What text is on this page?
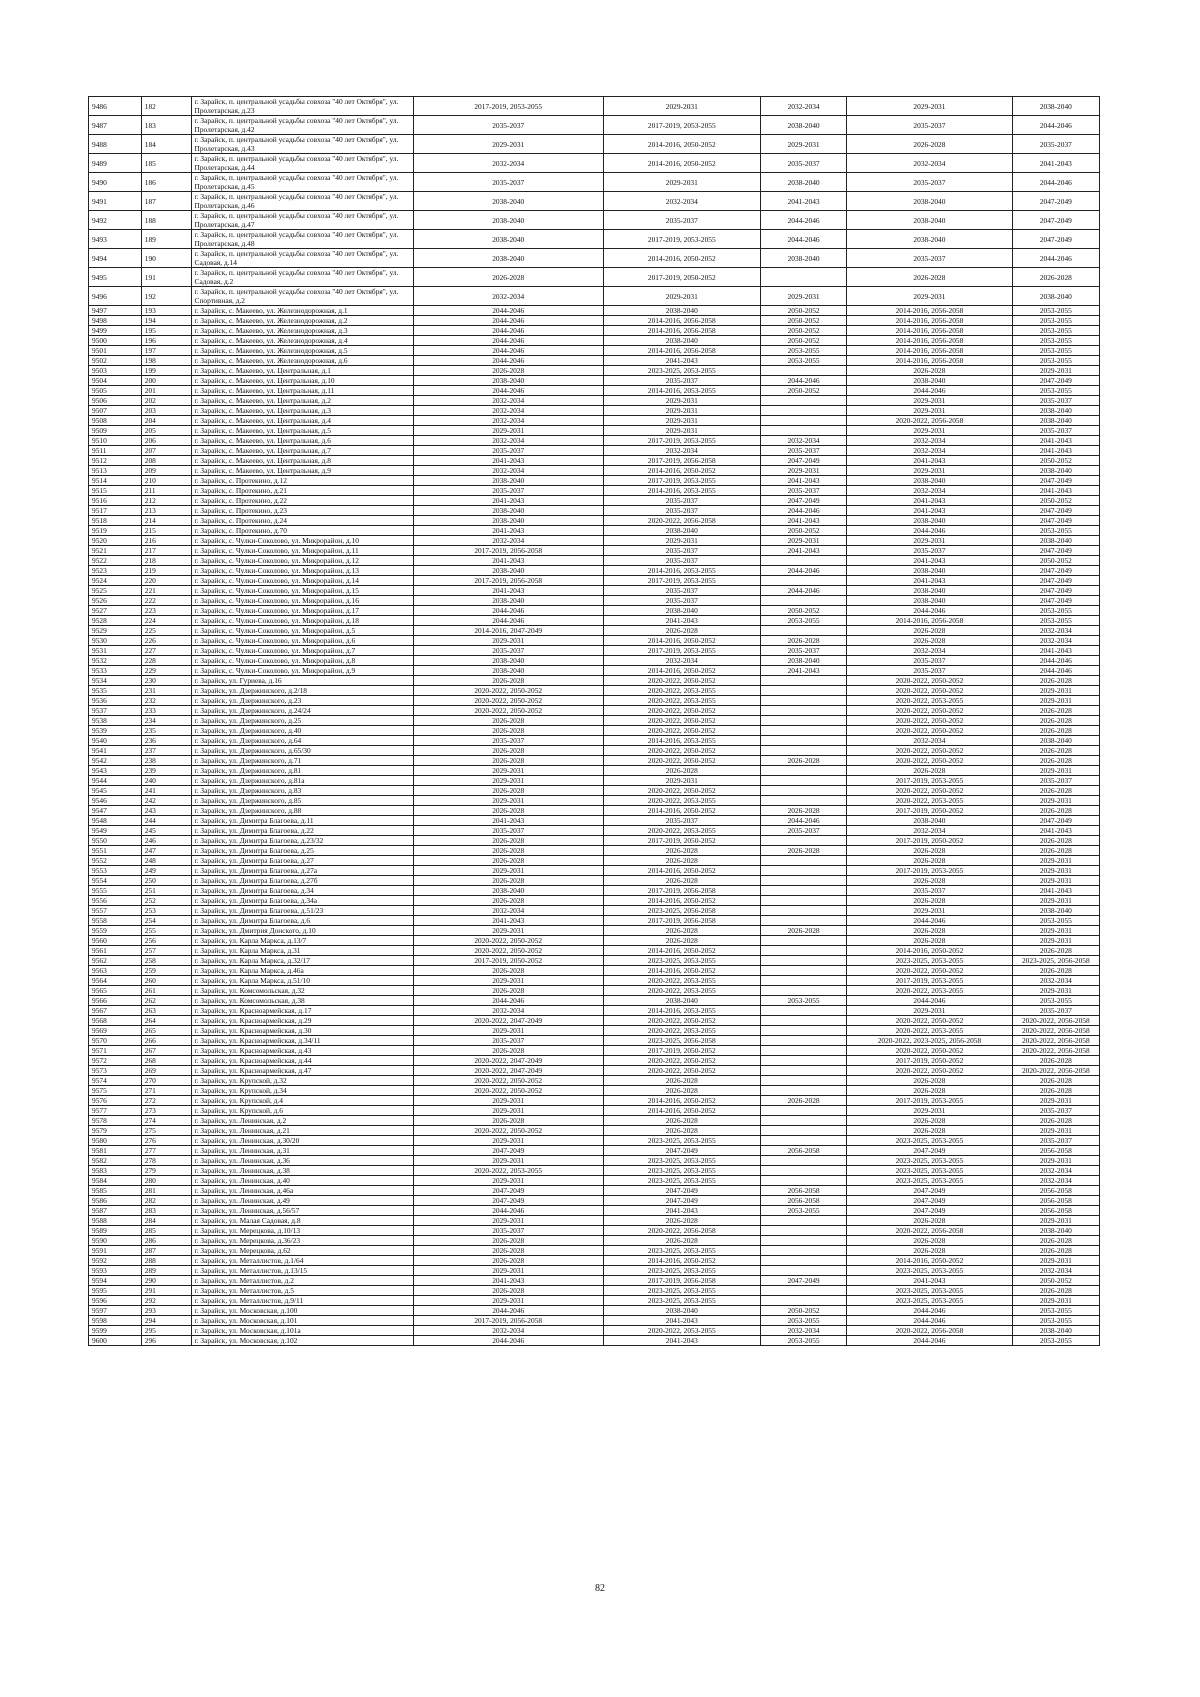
9486	182	г. Зарайск, п. центральной усадьбы совхоза "40 лет Октября", ул. Пролетарская, д.23	2017-2019, 2053-2055	2029-2031	2032-2034	2029-2031	2038-2040
9487	183	г. Зарайск, п. центральной усадьбы совхоза "40 лет Октября", ул. Пролетарская, д.42	2035-2037	2017-2019, 2053-2055	2038-2040	2035-2037	2044-2046
9488	184	г. Зарайск, п. центральной усадьбы совхоза "40 лет Октября", ул. Пролетарская, д.43	2029-2031	2014-2016, 2050-2052	2029-2031	2026-2028	2035-2037
9489	185	г. Зарайск, п. центральной усадьбы совхоза "40 лет Октября", ул. Пролетарская, д.44	2032-2034	2014-2016, 2050-2052	2035-2037	2032-2034	2041-2043
9490	186	г. Зарайск, п. центральной усадьбы совхоза "40 лет Октября", ул. Пролетарская, д.45	2035-2037	2029-2031	2038-2040	2035-2037	2044-2046
9491	187	г. Зарайск, п. центральной усадьбы совхоза "40 лет Октября", ул. Пролетарская, д.46	2038-2040	2032-2034	2041-2043	2038-2040	2047-2049
9492	188	г. Зарайск, п. центральной усадьбы совхоза "40 лет Октября", ул. Пролетарская, д.47	2038-2040	2035-2037	2044-2046	2038-2040	2047-2049
9493	189	г. Зарайск, п. центральной усадьбы совхоза "40 лет Октября", ул. Пролетарская, д.48	2038-2040	2017-2019, 2053-2055	2044-2046	2038-2040	2047-2049
9494	190	г. Зарайск, п. центральной усадьбы совхоза "40 лет Октября", ул. Садовая, д.14	2038-2040	2014-2016, 2050-2052	2038-2040	2035-2037	2044-2046
9495	191	г. Зарайск, п. центральной усадьбы совхоза "40 лет Октября", ул. Садовая, д.2	2026-2028	2017-2019, 2050-2052		2026-2028	2026-2028
9496	192	г. Зарайск, п. центральной усадьбы совхоза "40 лет Октября", ул. Спортивная, д.2	2032-2034	2029-2031	2029-2031	2029-2031	2038-2040
9497	193	г. Зарайск, с. Макеево, ул. Железнодорожная, д.1	2044-2046	2038-2040	2050-2052	2014-2016, 2056-2058	2053-2055
9498	194	г. Зарайск, с. Макеево, ул. Железнодорожная, д.2	2044-2046	2014-2016, 2056-2058	2050-2052	2014-2016, 2056-2058	2053-2055
9499	195	г. Зарайск, с. Макеево, ул. Железнодорожная, д.3	2044-2046	2014-2016, 2056-2058	2050-2052	2014-2016, 2056-2058	2053-2055
9500	196	г. Зарайск, с. Макеево, ул. Железнодорожная, д.4	2044-2046	2038-2040	2050-2052	2014-2016, 2056-2058	2053-2055
9501	197	г. Зарайск, с. Макеево, ул. Железнодорожная, д.5	2044-2046	2014-2016, 2056-2058	2053-2055	2014-2016, 2056-2058	2053-2055
9502	198	г. Зарайск, с. Макеево, ул. Железнодорожная, д.6	2044-2046	2041-2043	2053-2055	2014-2016, 2056-2058	2053-2055
9503	199	г. Зарайск, с. Макеево, ул. Центральная, д.1	2026-2028	2023-2025, 2053-2055		2026-2028	2029-2031
9504	200	г. Зарайск, с. Макеево, ул. Центральная, д.10	2038-2040	2035-2037	2044-2046	2038-2040	2047-2049
9505	201	г. Зарайск, с. Макеево, ул. Центральная, д.11	2044-2046	2014-2016, 2053-2055	2050-2052	2044-2046	2053-2055
9506	202	г. Зарайск, с. Макеево, ул. Центральная, д.2	2032-2034	2029-2031		2029-2031	2035-2037
9507	203	г. Зарайск, с. Макеево, ул. Центральная, д.3	2032-2034	2029-2031		2029-2031	2038-2040
9508	204	г. Зарайск, с. Макеево, ул. Центральная, д.4	2032-2034	2029-2031		2020-2022, 2056-2058	2038-2040
9509	205	г. Зарайск, с. Макеево, ул. Центральная, д.5	2029-2031	2029-2031		2029-2031	2035-2037
9510	206	г. Зарайск, с. Макеево, ул. Центральная, д.6	2032-2034	2017-2019, 2053-2055	2032-2034	2032-2034	2041-2043
9511	207	г. Зарайск, с. Макеево, ул. Центральная, д.7	2035-2037	2032-2034	2035-2037	2032-2034	2041-2043
9512	208	г. Зарайск, с. Макеево, ул. Центральная, д.8	2041-2043	2017-2019, 2056-2058	2047-2049	2041-2043	2050-2052
9513	209	г. Зарайск, с. Макеево, ул. Центральная, д.9	2032-2034	2014-2016, 2050-2052	2029-2031	2029-2031	2038-2040
9514	210	г. Зарайск, с. Протекино, д.12	2038-2040	2017-2019, 2053-2055	2041-2043	2038-2040	2047-2049
9515	211	г. Зарайск, с. Протекино, д.21	2035-2037	2014-2016, 2053-2055	2035-2037	2032-2034	2041-2043
9516	212	г. Зарайск, с. Протекино, д.22	2041-2043	2035-2037	2047-2049	2041-2043	2050-2052
9517	213	г. Зарайск, с. Протекино, д.23	2038-2040	2035-2037	2044-2046	2041-2043	2047-2049
9518	214	г. Зарайск, с. Протекино, д.24	2038-2040	2020-2022, 2056-2058	2041-2043	2038-2040	2047-2049
9519	215	г. Зарайск, с. Протекино, д.70	2041-2043	2038-2040	2050-2052	2044-2046	2053-2055
9520	216	г. Зарайск, с. Чулки-Соколово, ул. Микрорайон, д.10	2032-2034	2029-2031	2029-2031	2029-2031	2038-2040
9521	217	г. Зарайск, с. Чулки-Соколово, ул. Микрорайон, д.11	2017-2019, 2056-2058	2035-2037	2041-2043	2035-2037	2047-2049
9522	218	г. Зарайск, с. Чулки-Соколово, ул. Микрорайон, д.12	2041-2043	2035-2037		2041-2043	2050-2052
9523	219	г. Зарайск, с. Чулки-Соколово, ул. Микрорайон, д.13	2038-2040	2014-2016, 2053-2055	2044-2046	2038-2040	2047-2049
9524	220	г. Зарайск, с. Чулки-Соколово, ул. Микрорайон, д.14	2017-2019, 2056-2058	2017-2019, 2053-2055		2041-2043	2047-2049
9525	221	г. Зарайск, с. Чулки-Соколово, ул. Микрорайон, д.15	2041-2043	2035-2037	2044-2046	2038-2040	2047-2049
9526	222	г. Зарайск, с. Чулки-Соколово, ул. Микрорайон, д.16	2038-2040	2035-2037		2038-2040	2047-2049
9527	223	г. Зарайск, с. Чулки-Соколово, ул. Микрорайон, д.17	2044-2046	2038-2040	2050-2052	2044-2046	2053-2055
9528	224	г. Зарайск, с. Чулки-Соколово, ул. Микрорайон, д.18	2044-2046	2041-2043	2053-2055	2014-2016, 2056-2058	2053-2055
9529	225	г. Зарайск, с. Чулки-Соколово, ул. Микрорайон, д.5	2014-2016, 2047-2049	2026-2028		2026-2028	2032-2034
9530	226	г. Зарайск, с. Чулки-Соколово, ул. Микрорайон, д.6	2029-2031	2014-2016, 2050-2052	2026-2028	2026-2028	2032-2034
9531	227	г. Зарайск, с. Чулки-Соколово, ул. Микрорайон, д.7	2035-2037	2017-2019, 2053-2055	2035-2037	2032-2034	2041-2043
9532	228	г. Зарайск, с. Чулки-Соколово, ул. Микрорайон, д.8	2038-2040	2032-2034	2038-2040	2035-2037	2044-2046
9533	229	г. Зарайск, с. Чулки-Соколово, ул. Микрорайон, д.9	2038-2040	2014-2016, 2050-2052	2041-2043	2035-2037	2044-2046
9534	230	г. Зарайск, ул. Гуриева, д.16	2026-2028	2020-2022, 2050-2052		2020-2022, 2050-2052	2026-2028
9535	231	г. Зарайск, ул. Дзержинского, д.2/18	2020-2022, 2050-2052	2020-2022, 2053-2055		2020-2022, 2050-2052	2029-2031
9536	232	г. Зарайск, ул. Дзержинского, д.23	2020-2022, 2050-2052	2020-2022, 2053-2055		2020-2022, 2053-2055	2029-2031
9537	233	г. Зарайск, ул. Дзержинского, д.24/24	2020-2022, 2050-2052	2020-2022, 2050-2052		2020-2022, 2050-2052	2026-2028
9538	234	г. Зарайск, ул. Дзержинского, д.25	2026-2028	2020-2022, 2050-2052		2020-2022, 2050-2052	2026-2028
9539	235	г. Зарайск, ул. Дзержинского, д.40	2026-2028	2020-2022, 2050-2052		2020-2022, 2050-2052	2026-2028
9540	236	г. Зарайск, ул. Дзержинского, д.64	2035-2037	2014-2016, 2053-2055		2032-2034	2038-2040
9541	237	г. Зарайск, ул. Дзержинского, д.65/30	2026-2028	2020-2022, 2050-2052		2020-2022, 2050-2052	2026-2028
9542	238	г. Зарайск, ул. Дзержинского, д.71	2026-2028	2020-2022, 2050-2052	2026-2028	2020-2022, 2050-2052	2026-2028
9543	239	г. Зарайск, ул. Дзержинского, д.81	2029-2031	2026-2028		2026-2028	2029-2031
9544	240	г. Зарайск, ул. Дзержинского, д.81а	2029-2031	2029-2031		2017-2019, 2053-2055	2035-2037
9545	241	г. Зарайск, ул. Дзержинского, д.83	2026-2028	2020-2022, 2050-2052		2020-2022, 2050-2052	2026-2028
9546	242	г. Зарайск, ул. Дзержинского, д.85	2029-2031	2020-2022, 2053-2055		2020-2022, 2053-2055	2029-2031
9547	243	г. Зарайск, ул. Дзержинского, д.88	2026-2028	2014-2016, 2050-2052	2026-2028	2017-2019, 2050-2052	2026-2028
9548	244	г. Зарайск, ул. Димитра Благоева, д.11	2041-2043	2035-2037	2044-2046	2038-2040	2047-2049
9549	245	г. Зарайск, ул. Димитра Благоева, д.22	2035-2037	2020-2022, 2053-2055	2035-2037	2032-2034	2041-2043
9550	246	г. Зарайск, ул. Димитра Благоева, д.23/32	2026-2028	2017-2019, 2050-2052		2017-2019, 2050-2052	2026-2028
9551	247	г. Зарайск, ул. Димитра Благоева, д.25	2026-2028	2026-2028	2026-2028	2026-2028	2026-2028
9552	248	г. Зарайск, ул. Димитра Благоева, д.27	2026-2028	2026-2028		2026-2028	2029-2031
9553	249	г. Зарайск, ул. Димитра Благоева, д.27а	2029-2031	2014-2016, 2050-2052		2017-2019, 2053-2055	2029-2031
9554	250	г. Зарайск, ул. Димитра Благоева, д.27б	2026-2028	2026-2028		2026-2028	2029-2031
9555	251	г. Зарайск, ул. Димитра Благоева, д.34	2038-2040	2017-2019, 2056-2058		2035-2037	2041-2043
9556	252	г. Зарайск, ул. Димитра Благоева, д.34а	2026-2028	2014-2016, 2050-2052		2026-2028	2029-2031
9557	253	г. Зарайск, ул. Димитра Благоева, д.51/23	2032-2034	2023-2025, 2056-2058		2029-2031	2038-2040
9558	254	г. Зарайск, ул. Димитра Благоева, д.6	2041-2043	2017-2019, 2056-2058		2044-2046	2053-2055
9559	255	г. Зарайск, ул. Дмитрия Донского, д.10	2029-2031	2026-2028	2026-2028	2026-2028	2029-2031
9560	256	г. Зарайск, ул. Карла Маркса, д.13/7	2020-2022, 2050-2052	2026-2028		2026-2028	2029-2031
9561	257	г. Зарайск, ул. Карла Маркса, д.31	2020-2022, 2050-2052	2014-2016, 2050-2052		2014-2016, 2050-2052	2026-2028
9562	258	г. Зарайск, ул. Карла Маркса, д.32/17	2017-2019, 2050-2052	2023-2025, 2053-2055		2023-2025, 2053-2055	2023-2025, 2056-2058
9563	259	г. Зарайск, ул. Карла Маркса, д.46а	2026-2028	2014-2016, 2050-2052		2020-2022, 2050-2052	2026-2028
9564	260	г. Зарайск, ул. Карла Маркса, д.51/10	2029-2031	2020-2022, 2053-2055		2017-2019, 2053-2055	2032-2034
9565	261	г. Зарайск, ул. Комсомольская, д.32	2026-2028	2020-2022, 2053-2055		2020-2022, 2053-2055	2029-2031
9566	262	г. Зарайск, ул. Комсомольская, д.38	2044-2046	2038-2040	2053-2055	2044-2046	2053-2055
9567	263	г. Зарайск, ул. Красноармейская, д.17	2032-2034	2014-2016, 2053-2055		2029-2031	2035-2037
9568	264	г. Зарайск, ул. Красноармейская, д.29	2020-2022, 2047-2049	2020-2022, 2050-2052		2020-2022, 2050-2052	2020-2022, 2056-2058
9569	265	г. Зарайск, ул. Красноармейская, д.30	2029-2031	2020-2022, 2053-2055		2020-2022, 2053-2055	2020-2022, 2056-2058
9570	266	г. Зарайск, ул. Красноармейская, д.34/11	2035-2037	2023-2025, 2056-2058		2020-2022, 2023-2025, 2056-2058	2020-2022, 2056-2058
9571	267	г. Зарайск, ул. Красноармейская, д.43	2026-2028	2017-2019, 2050-2052		2020-2022, 2050-2052	2020-2022, 2056-2058
9572	268	г. Зарайск, ул. Красноармейская, д.44	2020-2022, 2047-2049	2020-2022, 2050-2052		2017-2019, 2050-2052	2026-2028
9573	269	г. Зарайск, ул. Красноармейская, д.47	2020-2022, 2047-2049	2020-2022, 2050-2052		2020-2022, 2050-2052	2020-2022, 2056-2058
9574	270	г. Зарайск, ул. Крупской, д.32	2020-2022, 2050-2052	2026-2028		2026-2028	2026-2028
9575	271	г. Зарайск, ул. Крупской, д.34	2020-2022, 2050-2052	2026-2028		2026-2028	2026-2028
9576	272	г. Зарайск, ул. Крупской, д.4	2029-2031	2014-2016, 2050-2052	2026-2028	2017-2019, 2053-2055	2029-2031
9577	273	г. Зарайск, ул. Крупской, д.6	2029-2031	2014-2016, 2050-2052		2029-2031	2035-2037
9578	274	г. Зарайск, ул. Ленинская, д.2	2026-2028	2026-2028		2026-2028	2026-2028
9579	275	г. Зарайск, ул. Ленинская, д.21	2020-2022, 2050-2052	2026-2028		2026-2028	2029-2031
9580	276	г. Зарайск, ул. Ленинская, д.30/20	2029-2031	2023-2025, 2053-2055		2023-2025, 2053-2055	2035-2037
9581	277	г. Зарайск, ул. Ленинская, д.31	2047-2049	2047-2049	2056-2058	2047-2049	2056-2058
9582	278	г. Зарайск, ул. Ленинская, д.36	2029-2031	2023-2025, 2053-2055		2023-2025, 2053-2055	2029-2031
9583	279	г. Зарайск, ул. Ленинская, д.38	2020-2022, 2053-2055	2023-2025, 2053-2055		2023-2025, 2053-2055	2032-2034
9584	280	г. Зарайск, ул. Ленинская, д.40	2029-2031	2023-2025, 2053-2055		2023-2025, 2053-2055	2032-2034
9585	281	г. Зарайск, ул. Ленинская, д.46а	2047-2049	2047-2049	2056-2058	2047-2049	2056-2058
9586	282	г. Зарайск, ул. Ленинская, д.49	2047-2049	2047-2049	2056-2058	2047-2049	2056-2058
9587	283	г. Зарайск, ул. Ленинская, д.56/57	2044-2046	2041-2043	2053-2055	2047-2049	2056-2058
9588	284	г. Зарайск, ул. Малая Садовая, д.8	2029-2031	2026-2028		2026-2028	2029-2031
9589	285	г. Зарайск, ул. Мерецкова, д.10/13	2035-2037	2020-2022, 2056-2058		2020-2022, 2056-2058	2038-2040
9590	286	г. Зарайск, ул. Мерецкова, д.36/23	2026-2028	2026-2028		2026-2028	2026-2028
9591	287	г. Зарайск, ул. Мерецкова, д.62	2026-2028	2023-2025, 2053-2055		2026-2028	2026-2028
9592	288	г. Зарайск, ул. Металлистов, д.1/64	2026-2028	2014-2016, 2050-2052		2014-2016, 2050-2052	2029-2031
9593	289	г. Зарайск, ул. Металлистов, д.13/15	2029-2031	2023-2025, 2053-2055		2023-2025, 2053-2055	2032-2034
9594	290	г. Зарайск, ул. Металлистов, д.2	2041-2043	2017-2019, 2056-2058	2047-2049	2041-2043	2050-2052
9595	291	г. Зарайск, ул. Металлистов, д.5	2026-2028	2023-2025, 2053-2055		2023-2025, 2053-2055	2026-2028
9596	292	г. Зарайск, ул. Металлистов, д.9/11	2029-2031	2023-2025, 2053-2055		2023-2025, 2053-2055	2029-2031
9597	293	г. Зарайск, ул. Московская, д.100	2044-2046	2038-2040	2050-2052	2044-2046	2053-2055
9598	294	г. Зарайск, ул. Московская, д.101	2017-2019, 2056-2058	2041-2043	2053-2055	2044-2046	2053-2055
9599	295	г. Зарайск, ул. Московская, д.101а	2032-2034	2020-2022, 2053-2055	2032-2034	2020-2022, 2056-2058	2038-2040
9600	296	г. Зарайск, ул. Московская, д.102	2044-2046	2041-2043	2053-2055	2044-2046	2053-2055
82
